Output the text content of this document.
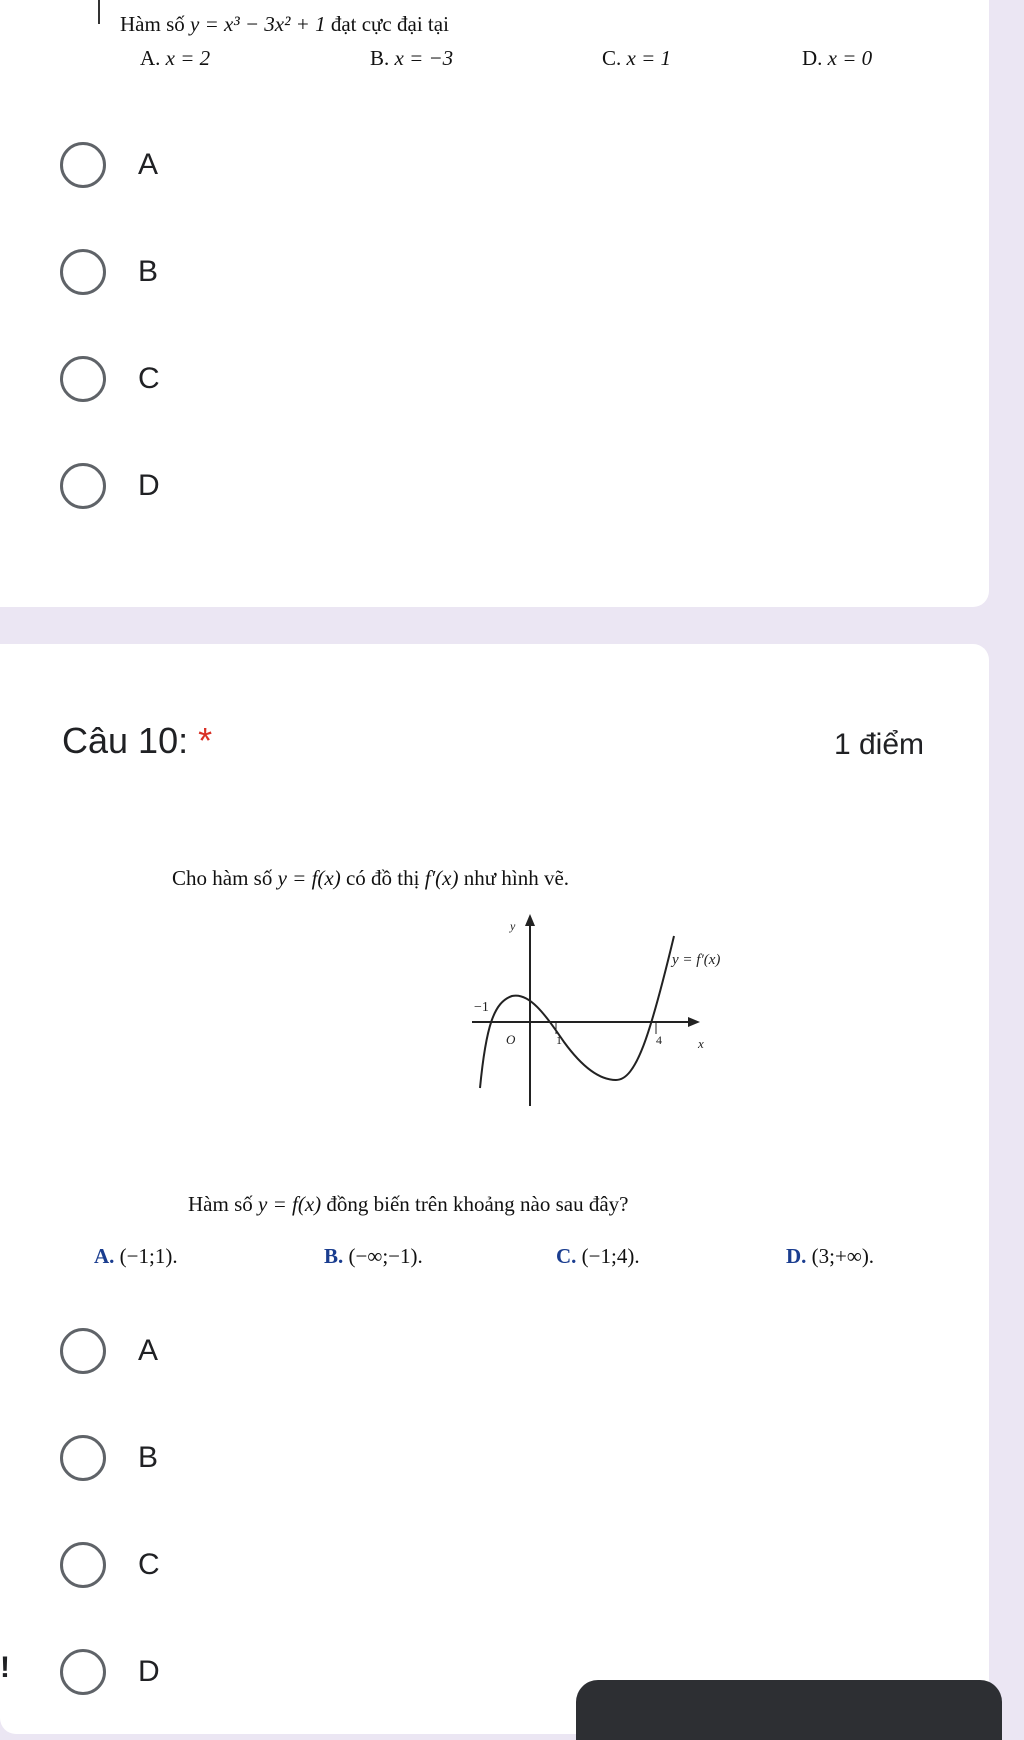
Hàm số y = x³ − 3x² + 1 đạt cực đại tại
A. x = 2	B. x = −3	C. x = 1	D. x = 0
A
B
C
D
Câu 10: *	1 điểm
Cho hàm số y = f(x) có đồ thị f′(x) như hình vẽ.
y
x
O
−1
1	4
y = f′(x)
Hàm số y = f(x) đồng biến trên khoảng nào sau đây?
A. (−1;1).	B. (−∞;−1).	C. (−1;4).	D. (3;+∞).
A
B
C
D
!
